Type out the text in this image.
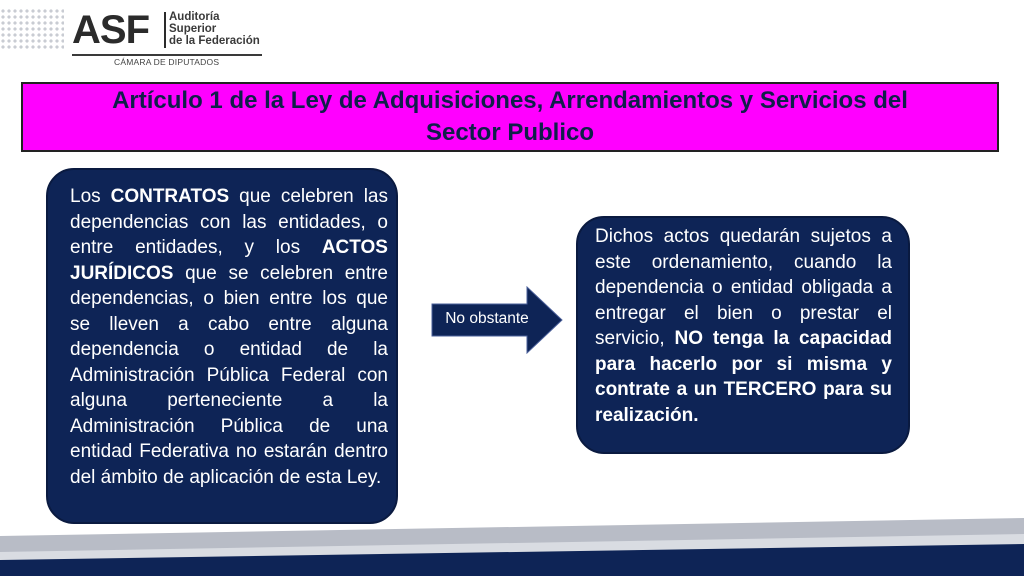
ASF Auditoría
Superior
de la Federación
CÁMARA DE DIPUTADOS
Artículo 1 de la Ley de Adquisiciones, Arrendamientos y Servicios del
Sector Publico
Los CONTRATOS que celebren las dependencias con las entidades, o entre entidades, y los ACTOS JURÍDICOS que se celebren entre dependencias, o bien entre los que se lleven a cabo entre alguna dependencia o entidad de la Administración Pública Federal con alguna perteneciente a la Administración Pública de una entidad Federativa no estarán dentro del ámbito de aplicación de esta Ley.
No obstante
Dichos actos quedarán sujetos a este ordenamiento, cuando la dependencia o entidad obligada a entregar el bien o prestar el servicio, NO tenga la capacidad para hacerlo por si misma y contrate a un TERCERO para su realización.
